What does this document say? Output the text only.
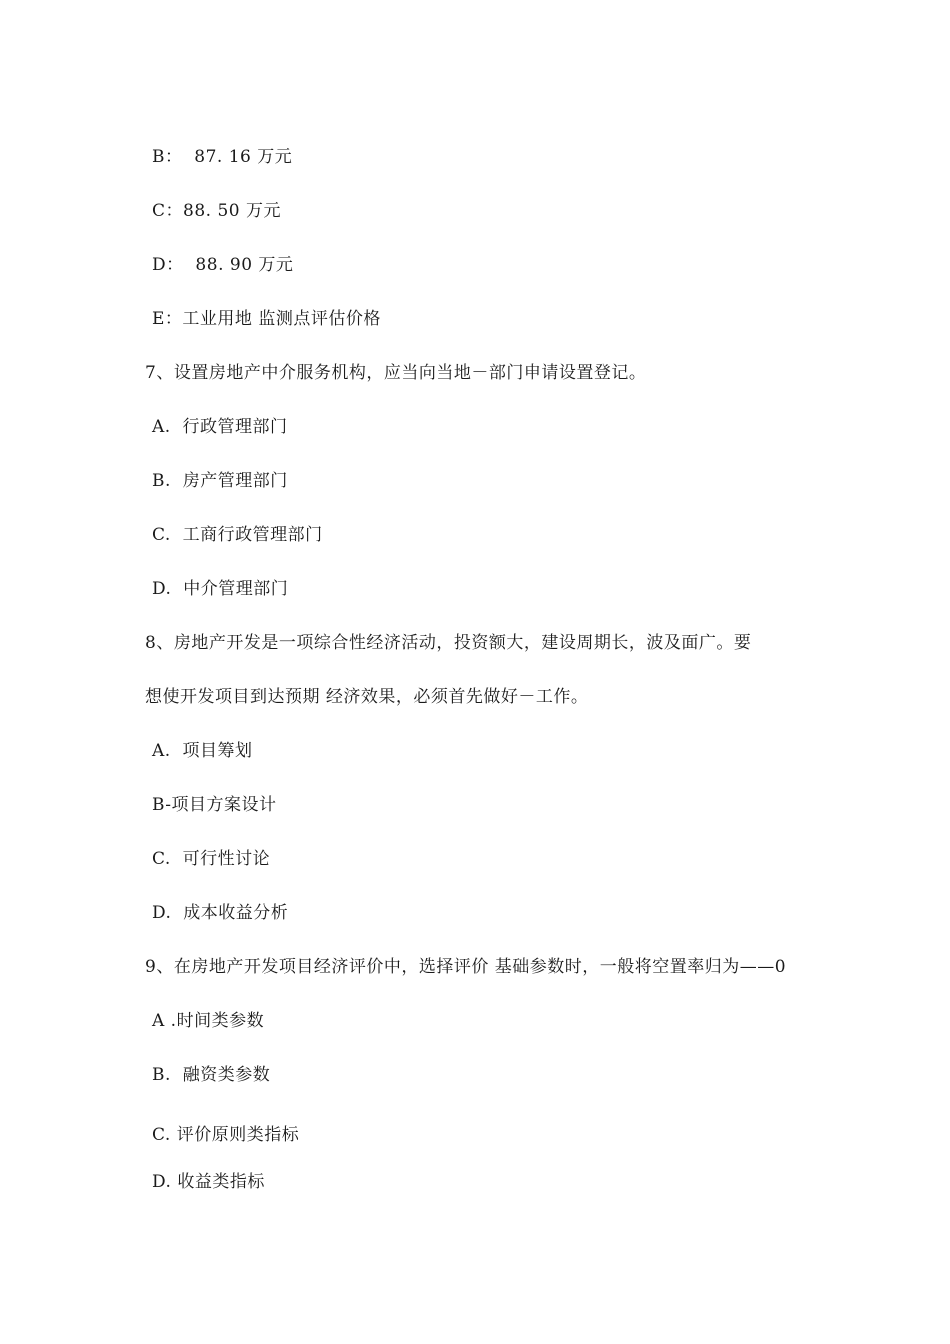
B：  87. 16 万元
C：88. 50 万元
D：  88. 90 万元
E：工业用地 监测点评估价格
7、设置房地产中介服务机构，应当向当地－部门申请设置登记。
A.  行政管理部门
B.  房产管理部门
C.  工商行政管理部门
D.  中介管理部门
8、房地产开发是一项综合性经济活动，投资额大，建设周期长，波及面广。要
想使开发项目到达预期 经济效果，必须首先做好－工作。
A.  项目筹划
B-项目方案设计
C.  可行性讨论
D.  成本收益分析
9、在房地产开发项目经济评价中，选择评价 基础参数时，一般将空置率归为——0
A .时间类参数
B.  融资类参数
C. 评价原则类指标
D. 收益类指标
